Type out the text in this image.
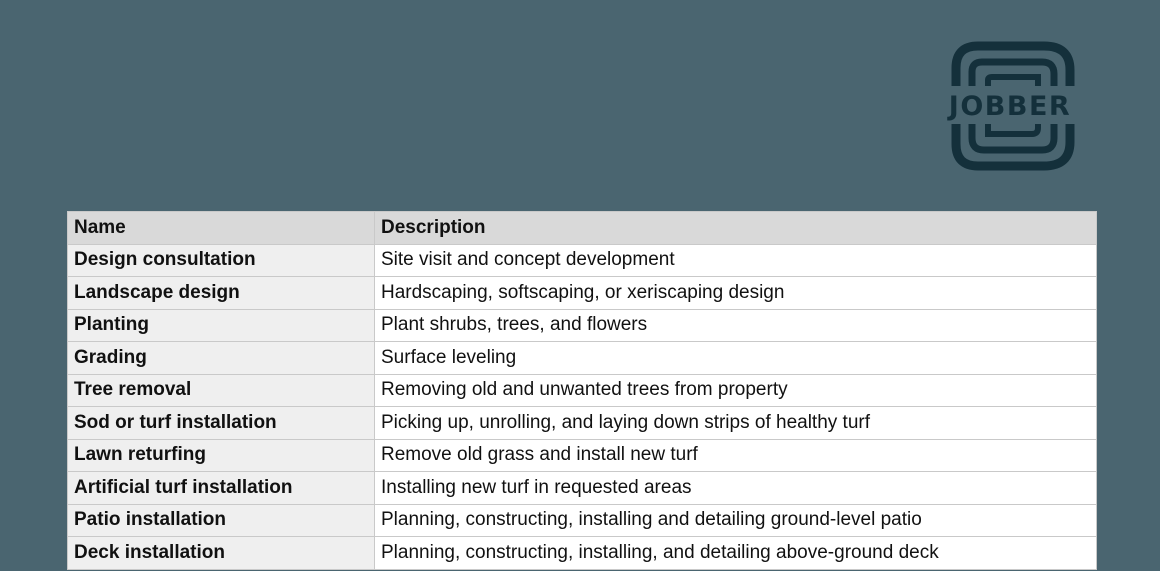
JOBBER
Name	Description
Design consultation	Site visit and concept development
Landscape design	Hardscaping, softscaping, or xeriscaping design
Planting	Plant shrubs, trees, and flowers
Grading	Surface leveling
Tree removal	Removing old and unwanted trees from property
Sod or turf installation	Picking up, unrolling, and laying down strips of healthy turf
Lawn returfing	Remove old grass and install new turf
Artificial turf installation	Installing new turf in requested areas
Patio installation	Planning, constructing, installing and detailing ground-level patio
Deck installation	Planning, constructing, installing, and detailing above-ground deck
